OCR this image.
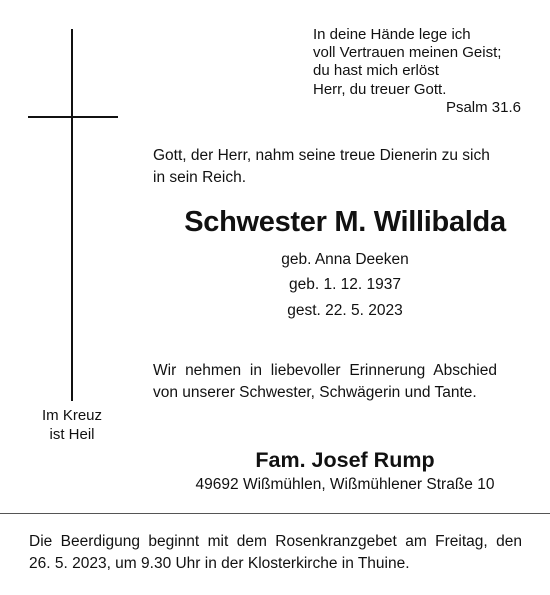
Im Kreuz
ist Heil
In deine Hände lege ich
voll Vertrauen meinen Geist;
du hast mich erlöst
Herr, du treuer Gott.
Psalm 31.6
Gott, der Herr, nahm seine treue Dienerin zu sich
in sein Reich.
Schwester M. Willibalda
geb. Anna Deeken
geb. 1. 12. 1937
gest. 22. 5. 2023
Wir nehmen in liebevoller Erinnerung Abschied
von unserer Schwester, Schwägerin und Tante.
Fam. Josef Rump
49692 Wißmühlen, Wißmühlener Straße 10
Die Beerdigung beginnt mit dem Rosenkranzgebet am Freitag, den
26. 5. 2023, um 9.30 Uhr in der Klosterkirche in Thuine.
